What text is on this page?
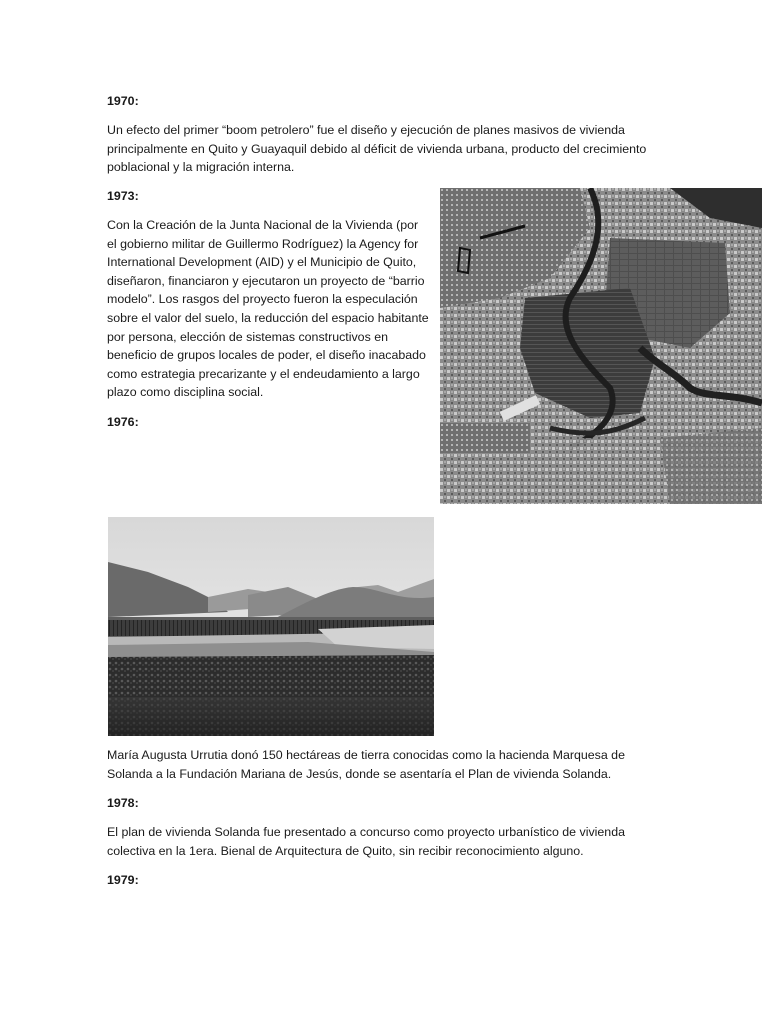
1970:

Un efecto del primer “boom petrolero” fue el diseño y ejecución de planes masivos de vivienda principalmente en Quito y Guayaquil debido al déficit de vivienda urbana, producto del crecimiento poblacional y la migración interna.

1973:

Con la Creación de la Junta Nacional de la Vivienda (por el gobierno militar de Guillermo Rodríguez) la Agency for International Development (AID) y el Municipio de Quito, diseñaron, financiaron y ejecutaron un proyecto de “barrio modelo”. Los rasgos del proyecto fueron la especulación sobre el valor del suelo, la reducción del espacio habitante por persona, elección de sistemas constructivos en beneficio de grupos locales de poder, el diseño inacabado como estrategia precarizante y el endeudamiento a largo plazo como disciplina social.

1976:

María Augusta Urrutia donó 150 hectáreas de tierra conocidas como la hacienda Marquesa de Solanda a la Fundación Mariana de Jesús, donde se asentaría el Plan de vivienda Solanda.

1978:

El plan de vivienda Solanda fue presentado a concurso como proyecto urbanístico de vivienda colectiva en la 1era. Bienal de Arquitectura de Quito, sin recibir reconocimiento alguno.

1979:
